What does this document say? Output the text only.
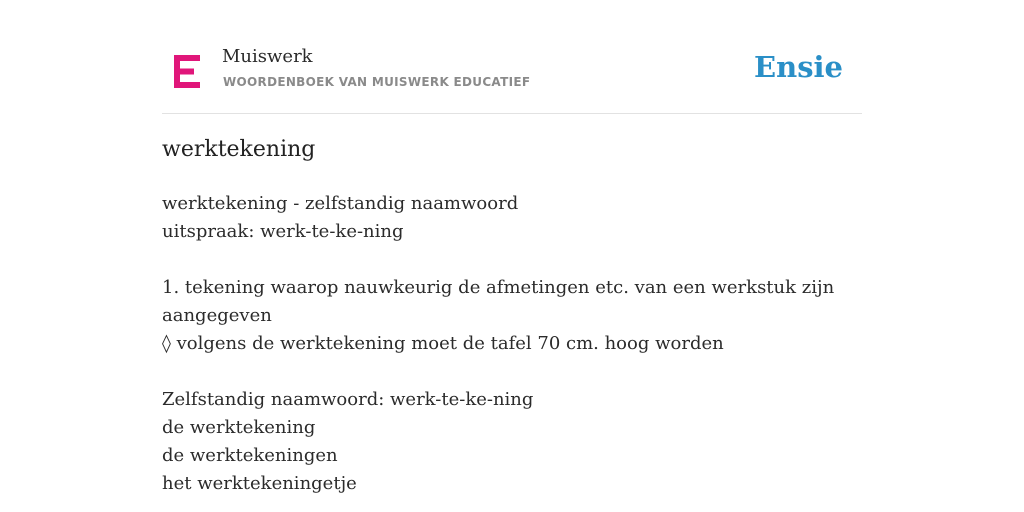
Muiswerk
WOORDENBOEK VAN MUISWERK EDUCATIEF	Ensie
werktekening
werktekening - zelfstandig naamwoord
uitspraak: werk-te-ke-ning
1. tekening waarop nauwkeurig de afmetingen etc. van een werkstuk zijn aangegeven
◊ volgens de werktekening moet de tafel 70 cm. hoog worden
Zelfstandig naamwoord: werk-te-ke-ning
de werktekening
de werktekeningen
het werktekeningetje
